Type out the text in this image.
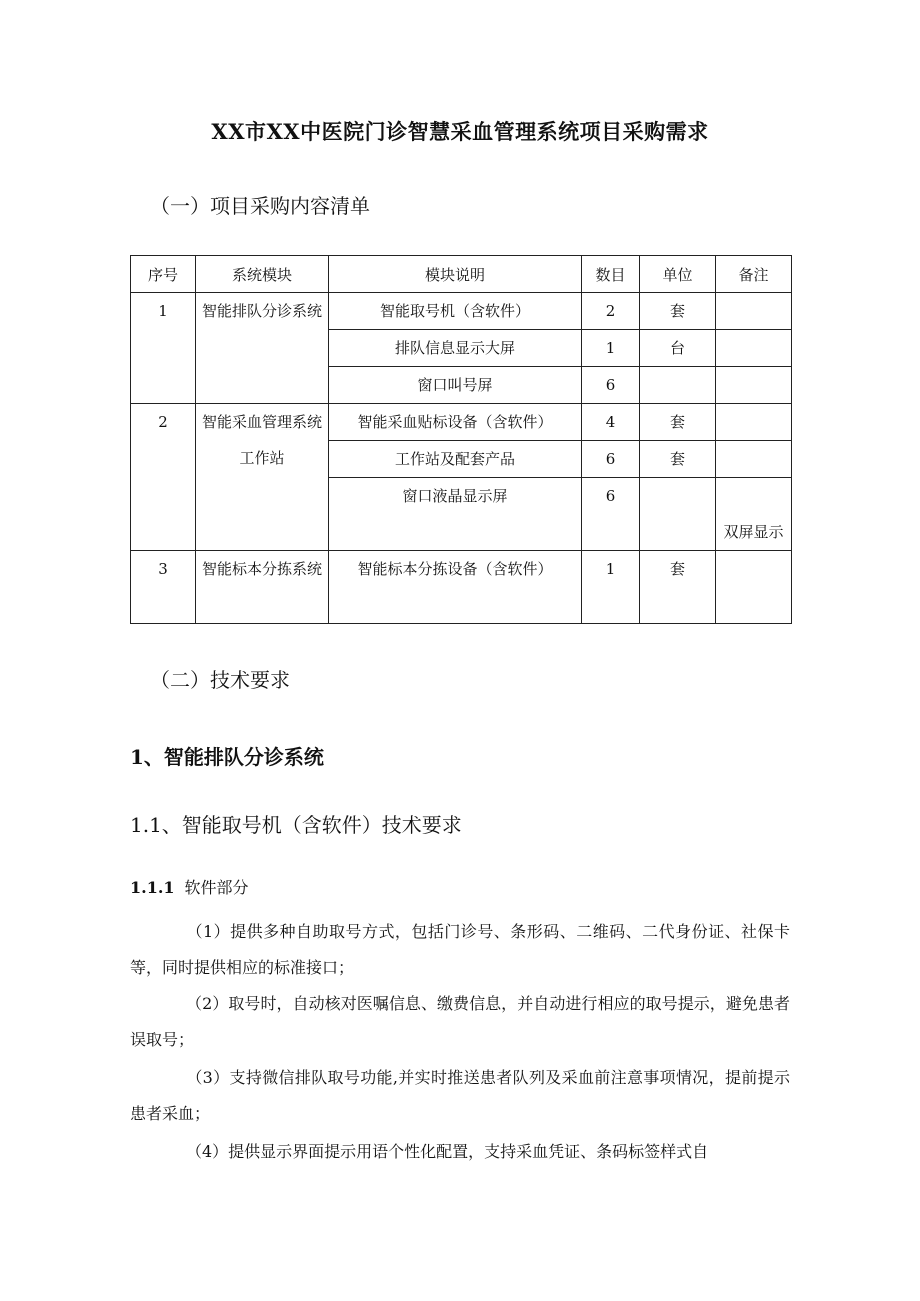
XX市XX中医院门诊智慧采血管理系统项目采购需求
（一）项目采购内容清单
序号	系统模块	模块说明	数目	单位	备注
1	智能排队分诊系统	智能取号机（含软件）	2	套	
		排队信息显示大屏	1	台	
		窗口叫号屏	6		
2	智能采血管理系统工作站	智能采血贴标设备（含软件）	4	套	
		工作站及配套产品	6	套	
		窗口液晶显示屏	6		双屏显示
3	智能标本分拣系统	智能标本分拣设备（含软件）	1	套	
（二）技术要求
1、智能排队分诊系统
1.1、智能取号机（含软件）技术要求
1.1.1 软件部分
（1）提供多种自助取号方式，包括门诊号、条形码、二维码、二代身份证、社保卡等，同时提供相应的标准接口；
（2）取号时，自动核对医嘱信息、缴费信息，并自动进行相应的取号提示，避免患者误取号；
（3）支持微信排队取号功能,并实时推送患者队列及采血前注意事项情况，提前提示患者采血；
（4）提供显示界面提示用语个性化配置，支持采血凭证、条码标签样式自
